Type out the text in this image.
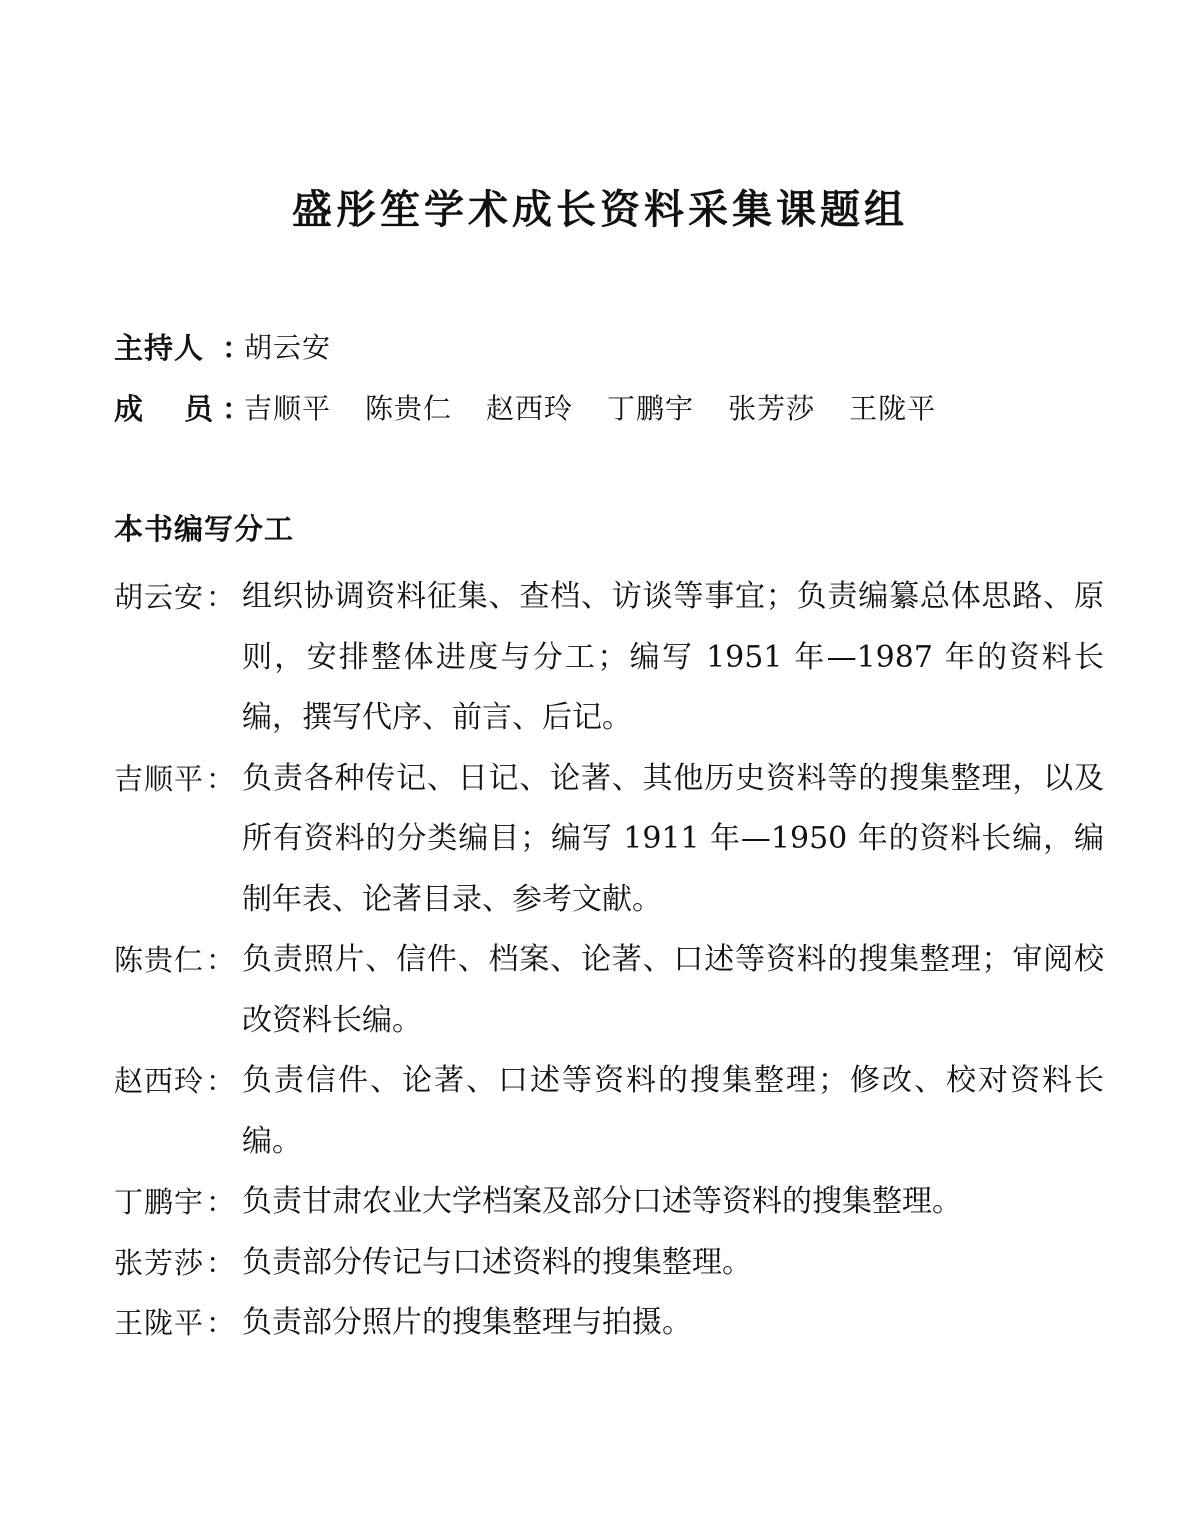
盛彤笙学术成长资料采集课题组
主持人 ：
胡云安
成 员 ：
吉顺平 陈贵仁 赵西玲 丁鹏宇 张芳莎 王陇平
本书编写分工
胡云安： 组织协调资料征集、查档、访谈等事宜；负责编纂总体思路、原则，安排整体进度与分工；编写 1951 年—1987 年的资料长编，撰写代序、前言、后记。
吉顺平： 负责各种传记、日记、论著、其他历史资料等的搜集整理，以及所有资料的分类编目；编写 1911 年—1950 年的资料长编，编制年表、论著目录、参考文献。
陈贵仁： 负责照片、信件、档案、论著、口述等资料的搜集整理；审阅校改资料长编。
赵西玲： 负责信件、论著、口述等资料的搜集整理；修改、校对资料长编。
丁鹏宇： 负责甘肃农业大学档案及部分口述等资料的搜集整理。
张芳莎： 负责部分传记与口述资料的搜集整理。
王陇平： 负责部分照片的搜集整理与拍摄。
